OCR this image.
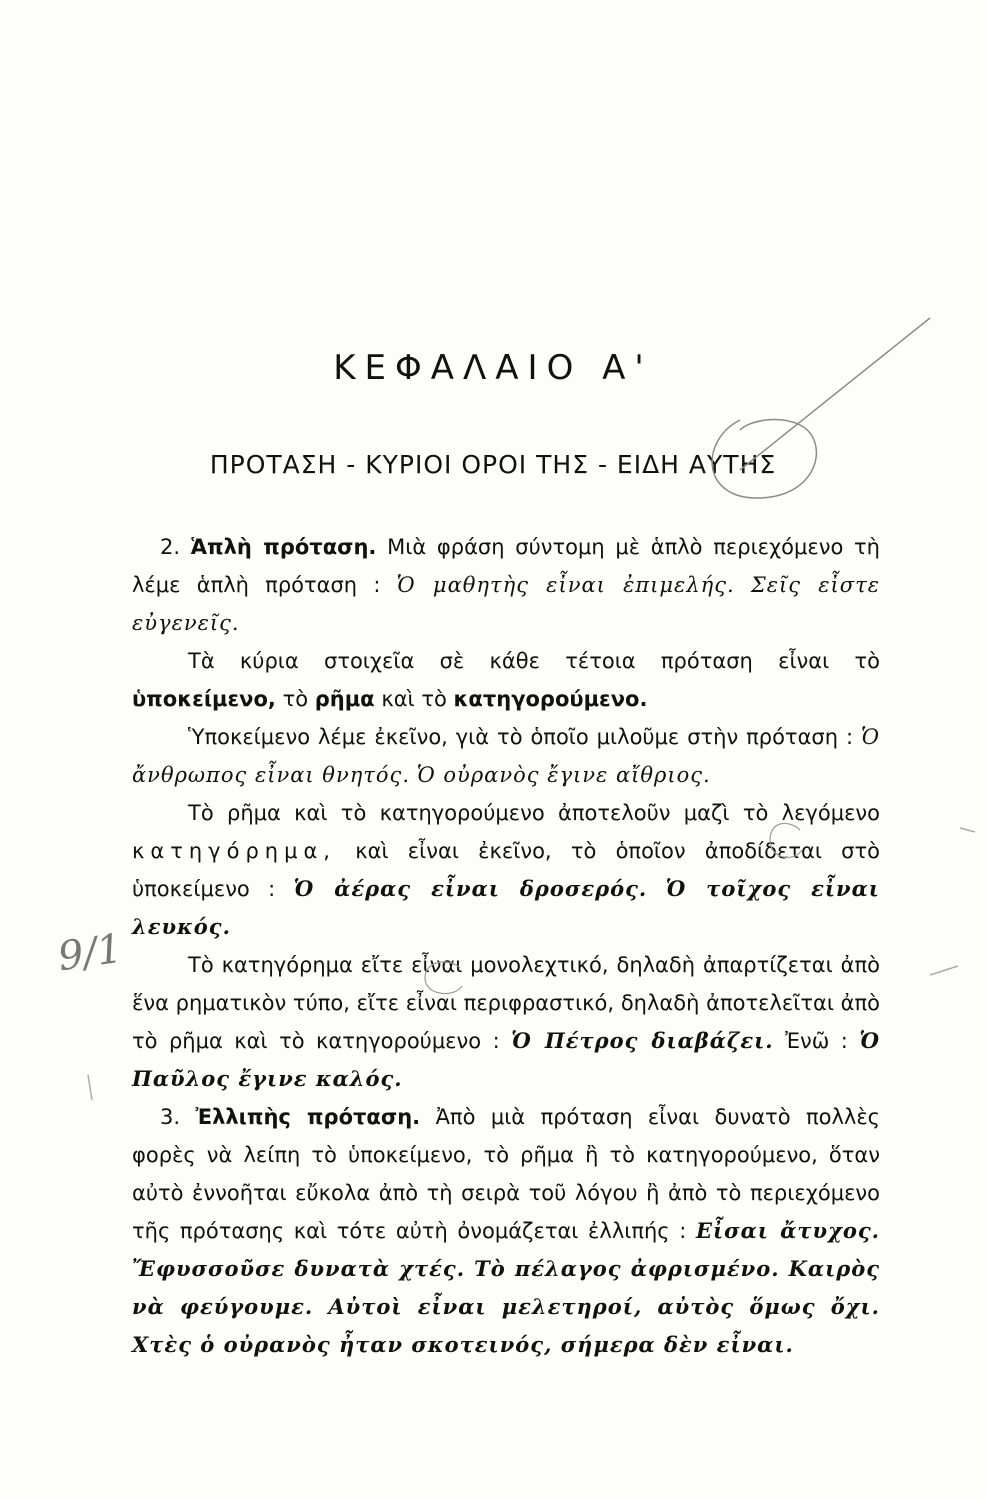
ΚΕΦΑΛΑΙΟ Α'
ΠΡΟΤΑΣΗ - ΚΥΡΙΟΙ ΟΡΟΙ ΤΗΣ - ΕΙΔΗ ΑΥΤΗΣ

2. Ἁπλὴ πρόταση. Μιὰ φράση σύντομη μὲ ἁπλὸ περιεχόμενο τὴ λέμε ἁπλὴ πρόταση : Ὁ μαθητὴς εἶναι ἐπιμελής. Σεῖς εἶστε εὐγενεῖς.

Τὰ κύρια στοιχεῖα σὲ κάθε τέτοια πρόταση εἶναι τὸ ὑποκείμενο, τὸ ρῆμα καὶ τὸ κατηγορούμενο.

Ὑποκείμενο λέμε ἐκεῖνο, γιὰ τὸ ὁποῖο μιλοῦμε στὴν πρόταση : Ὁ ἄνθρωπος εἶναι θνητός. Ὁ οὐρανὸς ἔγινε αἴθριος.

Τὸ ρῆμα καὶ τὸ κατηγορούμενο ἀποτελοῦν μαζὶ τὸ λεγόμενο κατηγόρημα, καὶ εἶναι ἐκεῖνο, τὸ ὁποῖον ἀποδίδεται στὸ ὑποκείμενο : Ὁ ἀέρας εἶναι δροσερός. Ὁ τοῖχος εἶναι λευκός.

Τὸ κατηγόρημα εἴτε εἶναι μονολεχτικό, δηλαδὴ ἀπαρτίζεται ἀπὸ ἕνα ρηματικὸν τύπο, εἴτε εἶναι περιφραστικό, δηλαδὴ ἀποτελεῖται ἀπὸ τὸ ρῆμα καὶ τὸ κατηγορούμενο : Ὁ Πέτρος διαβάζει. Ἐνῶ : Ὁ Παῦλος ἔγινε καλός.

3. Ἐλλιπὴς πρόταση. Ἀπὸ μιὰ πρόταση εἶναι δυνατὸ πολλὲς φορὲς νὰ λείπη τὸ ὑποκείμενο, τὸ ρῆμα ἢ τὸ κατηγορούμενο, ὅταν αὐτὸ ἐννοῆται εὔκολα ἀπὸ τὴ σειρὰ τοῦ λόγου ἢ ἀπὸ τὸ περιεχόμενο τῆς πρότασης καὶ τότε αὐτὴ ὀνομάζεται ἐλλιπής : Εἶσαι ἄτυχος. Ἔφυσσοῦσε δυνατὰ χτές. Τὸ πέλαγος ἀφρισμένο. Καιρὸς νὰ φεύγουμε. Αὐτοὶ εἶναι μελετηροί, αὐτὸς ὅμως ὄχι. Χτὲς ὁ οὐρανὸς ἦταν σκοτεινός, σήμερα δὲν εἶναι.

9/1
